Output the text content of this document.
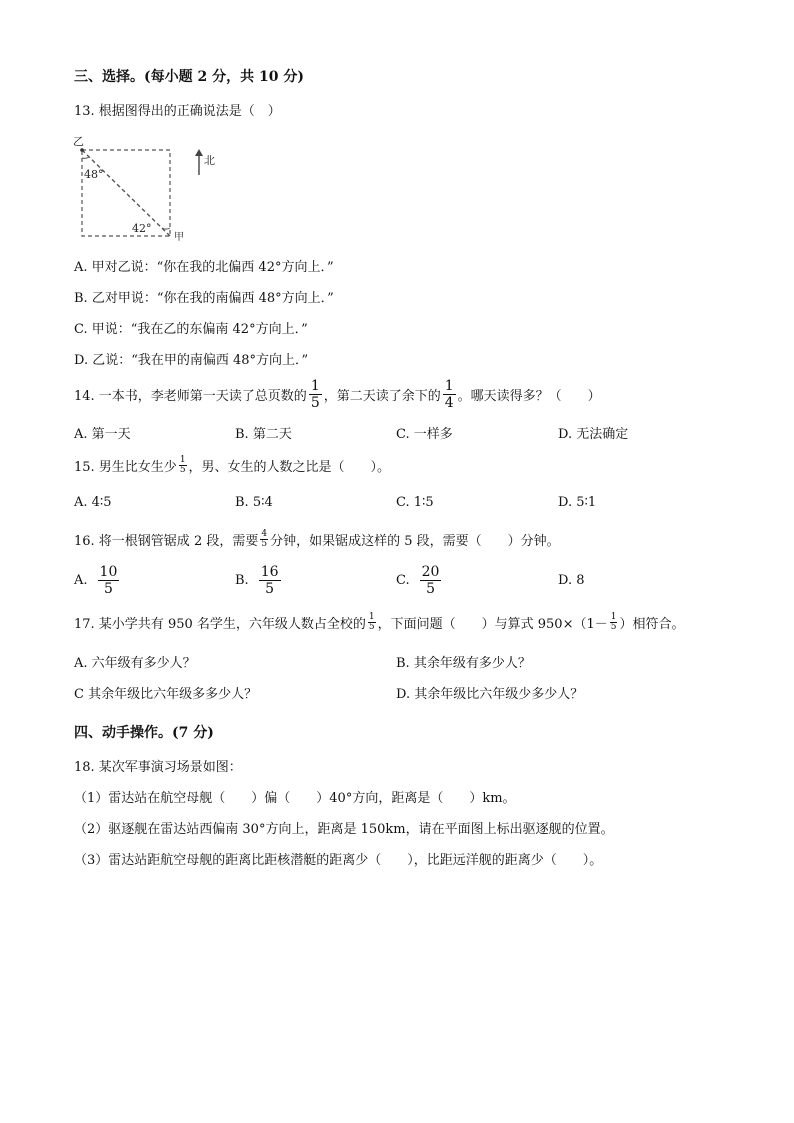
三、选择。(每小题 2 分，共 10 分)
13. 根据图得出的正确说法是（　）
乙
48°
42°
甲
北
A. 甲对乙说：“你在我的北偏西 42°方向上．”
B. 乙对甲说：“你在我的南偏西 48°方向上．”
C. 甲说：“我在乙的东偏南 42°方向上．”
D. 乙说：“我在甲的南偏西 48°方向上．”
14. 一本书，李老师第一天读了总页数的 $\frac{1}{5}$ ，第二天读了余下的 $\frac{1}{4}$ 。哪天读得多？（　　）
A. 第一天	B. 第二天	C. 一样多	D. 无法确定
15. 男生比女生少 $\frac{1}{5}$ ，男、女生的人数之比是（　　）。
A. 4∶5	B. 5∶4	C. 1∶5	D. 5∶1
16. 将一根钢管锯成 2 段，需要 $\frac{4}{5}$ 分钟，如果锯成这样的 5 段，需要（　　）分钟。
A. $\frac{10}{5}$	B. $\frac{16}{5}$	C. $\frac{20}{5}$	D. 8
17. 某小学共有 950 名学生，六年级人数占全校的 $\frac{1}{5}$ ，下面问题（　　）与算式 $950\times(1- \frac{1}{5}$ ）相符合。
A. 六年级有多少人？	B. 其余年级有多少人？
C 其余年级比六年级多多少人？	D. 其余年级比六年级少多少人？
四、动手操作。(7 分)
18. 某次军事演习场景如图：
（1）雷达站在航空母舰（　　）偏（　　）40°方向，距离是（　　）km。
（2）驱逐舰在雷达站西偏南 30°方向上，距离是 150km，请在平面图上标出驱逐舰的位置。
（3）雷达站距航空母舰的距离比距核潜艇的距离少（　　），比距远洋舰的距离少（　　）。
